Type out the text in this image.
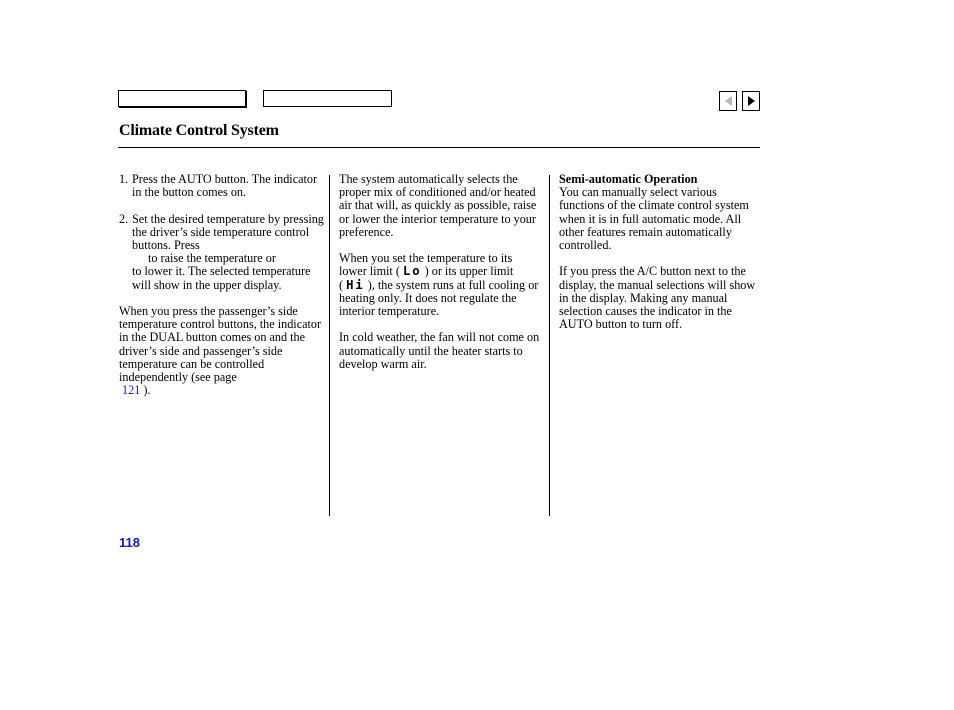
Climate Control System
1. Press the AUTO button. The indicator in the button comes on.
2. Set the desired temperature by pressing the driver’s side temperature control buttons. Press
to raise the temperature or
to lower it. The selected temperature will show in the upper display.

When you press the passenger’s side temperature control buttons, the indicator in the DUAL button comes on and the driver’s side and passenger’s side temperature can be controlled independently (see page
121 ).

The system automatically selects the proper mix of conditioned and/or heated air that will, as quickly as possible, raise or lower the interior temperature to your preference.

When you set the temperature to its lower limit ( Lo ) or its upper limit ( Hi ), the system runs at full cooling or heating only. It does not regulate the interior temperature.

In cold weather, the fan will not come on automatically until the heater starts to develop warm air.

Semi-automatic Operation

You can manually select various functions of the climate control system when it is in full automatic mode. All other features remain automatically controlled.

If you press the A/C button next to the display, the manual selections will show in the display. Making any manual selection causes the indicator in the AUTO button to turn off.

118
